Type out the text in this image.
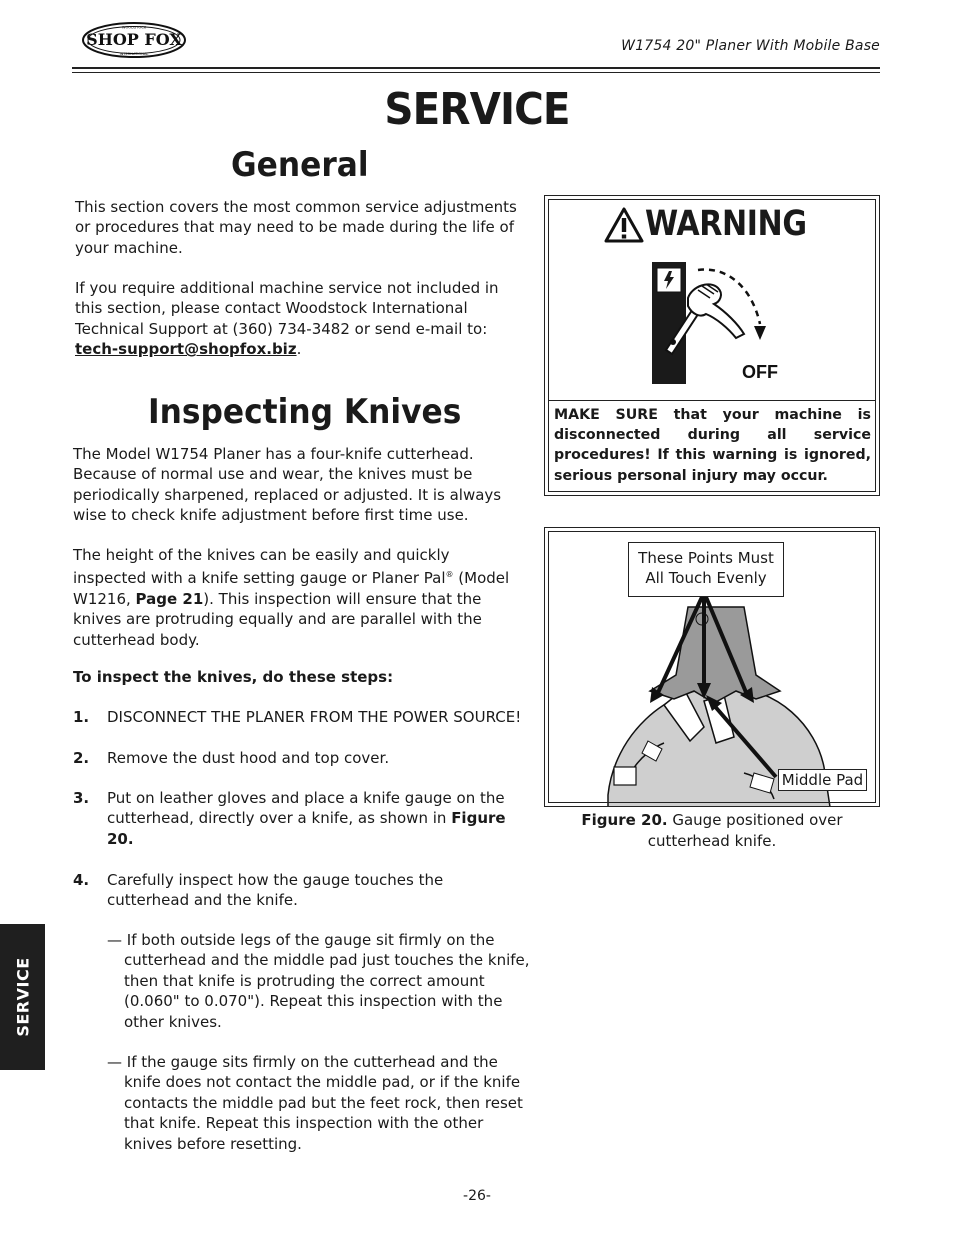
SHOP FOX
WOODSTOCK
INTERNATIONAL	W1754 20" Planer With Mobile Base
SERVICE
General
This section covers the most common service adjustments or procedures that may need to be made during the life of your machine.
If you require additional machine service not included in this section, please contact Woodstock International Technical Support at (360) 734-3482 or send e-mail to: tech-support@shopfox.biz.
Inspecting Knives
The Model W1754 Planer has a four-knife cutterhead. Because of normal use and wear, the knives must be periodically sharpened, replaced or adjusted. It is always wise to check knife adjustment before first time use.
The height of the knives can be easily and quickly inspected with a knife setting gauge or Planer Pal® (Model W1216, Page 21). This inspection will ensure that the knives are protruding equally and are parallel with the cutterhead body.
To inspect the knives, do these steps:
1. DISCONNECT THE PLANER FROM THE POWER SOURCE!
2. Remove the dust hood and top cover.
3. Put on leather gloves and place a knife gauge on the cutterhead, directly over a knife, as shown in Figure 20.
4. Carefully inspect how the gauge touches the cutterhead and the knife.
— If both outside legs of the gauge sit firmly on the cutterhead and the middle pad just touches the knife, then that knife is protruding the correct amount (0.060" to 0.070"). Repeat this inspection with the other knives.
— If the gauge sits firmly on the cutterhead and the knife does not contact the middle pad, or if the knife contacts the middle pad but the feet rock, then reset that knife. Repeat this inspection with the other knives before resetting.
WARNING
OFF
MAKE SURE that your machine is disconnected during all service procedures! If this warning is ignored, serious personal injury may occur.
These Points Must All Touch Evenly
Middle Pad
Figure 20. Gauge positioned over cutterhead knife.
SERVICE
-26-
